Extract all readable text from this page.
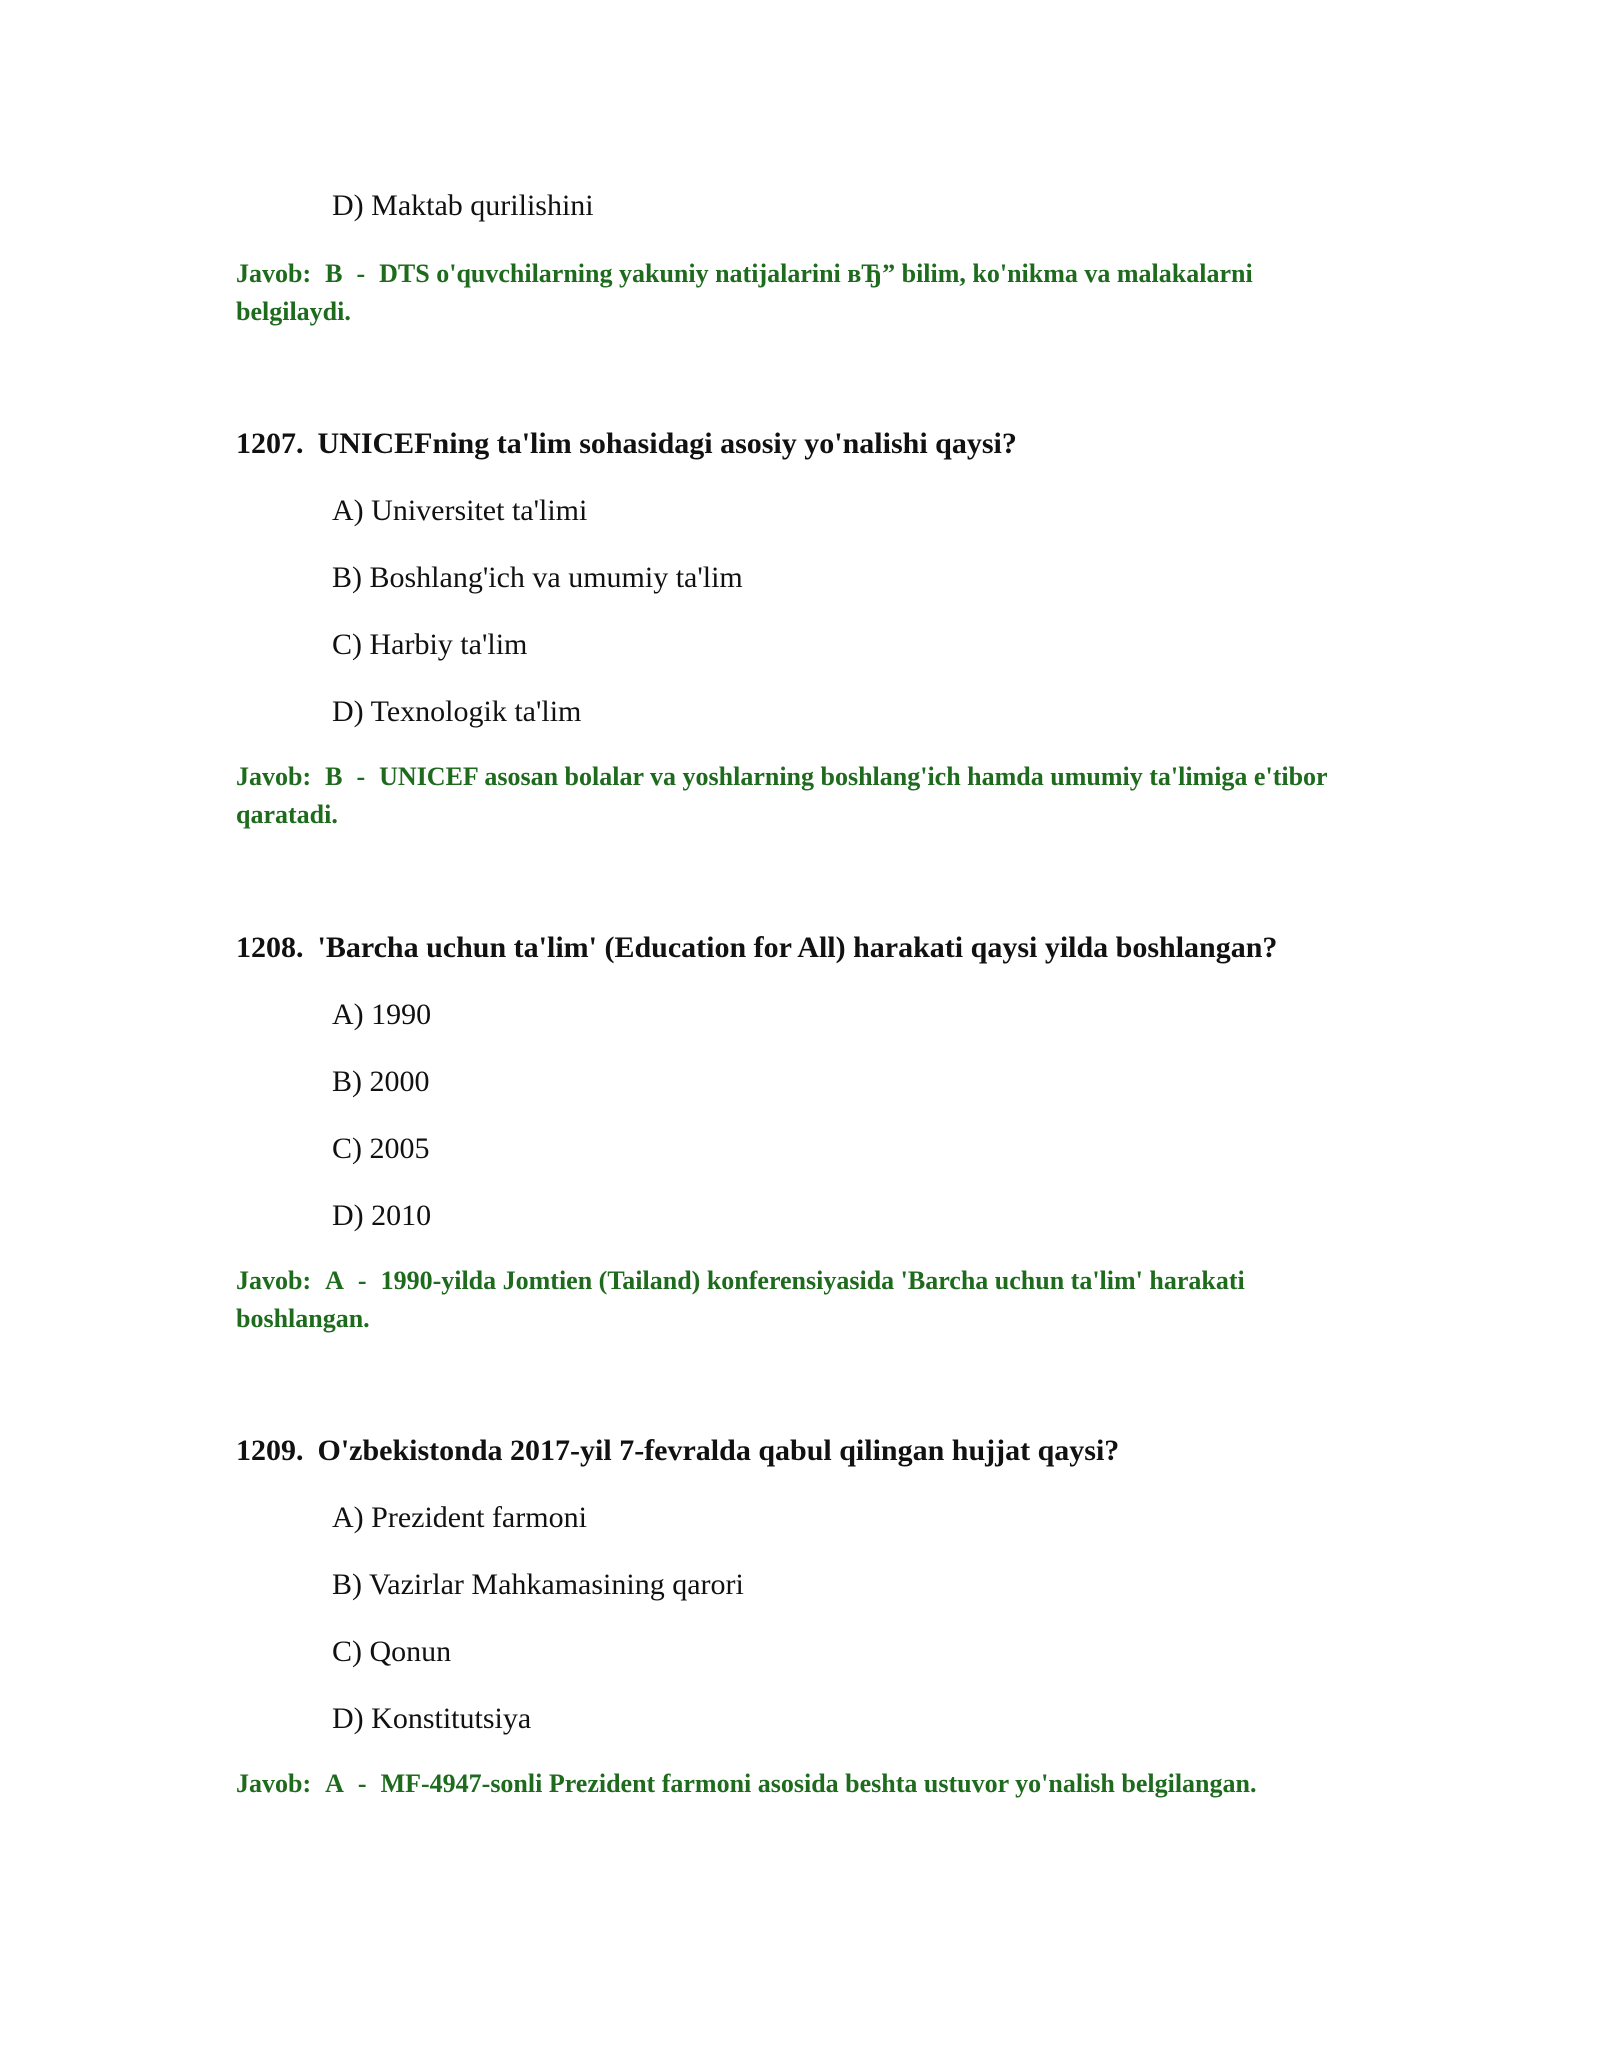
D) Maktab qurilishini
Javob: B - DTS o'quvchilarning yakuniy natijalarini вЂ” bilim, ko'nikma va malakalarni belgilaydi.
1207. UNICEFning ta'lim sohasidagi asosiy yo'nalishi qaysi?
A) Universitet ta'limi
B) Boshlang'ich va umumiy ta'lim
C) Harbiy ta'lim
D) Texnologik ta'lim
Javob: B - UNICEF asosan bolalar va yoshlarning boshlang'ich hamda umumiy ta'limiga e'tibor qaratadi.
1208. 'Barcha uchun ta'lim' (Education for All) harakati qaysi yilda boshlangan?
A) 1990
B) 2000
C) 2005
D) 2010
Javob: A - 1990-yilda Jomtien (Tailand) konferensiyasida 'Barcha uchun ta'lim' harakati boshlangan.
1209. O'zbekistonda 2017-yil 7-fevralda qabul qilingan hujjat qaysi?
A) Prezident farmoni
B) Vazirlar Mahkamasining qarori
C) Qonun
D) Konstitutsiya
Javob: A - MF-4947-sonli Prezident farmoni asosida beshta ustuvor yo'nalish belgilangan.
